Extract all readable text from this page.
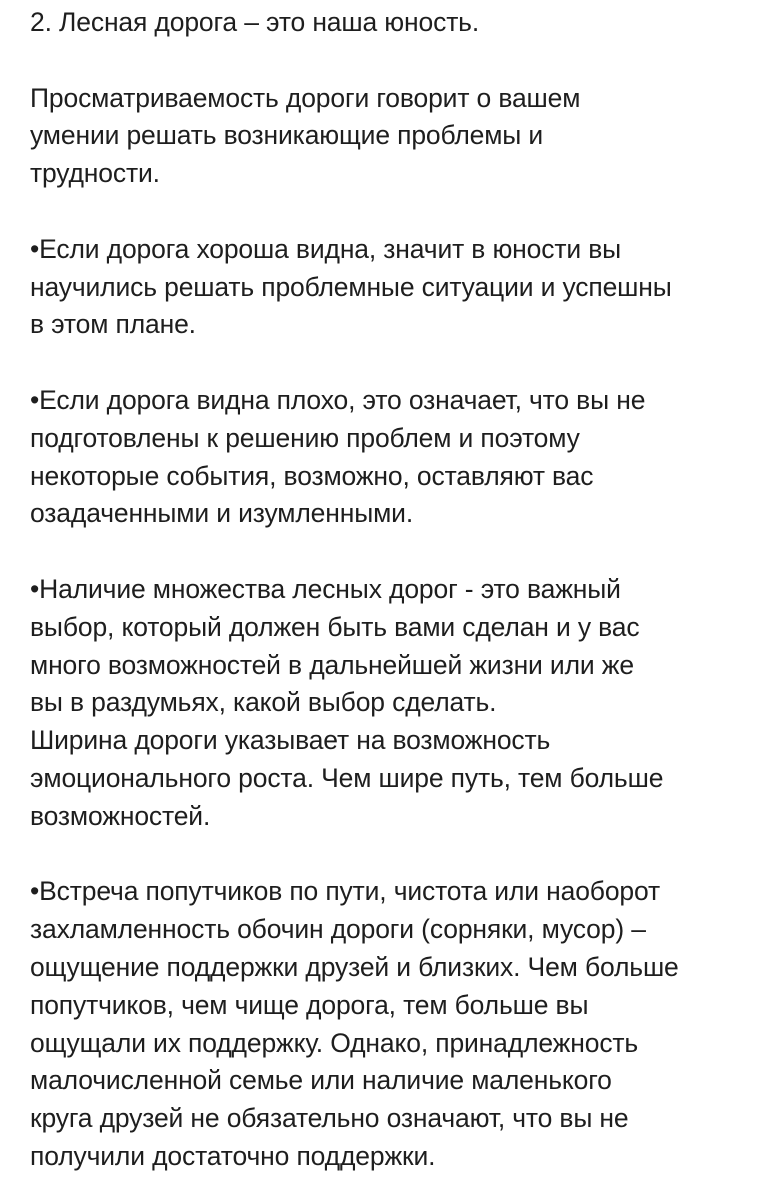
2. Лесная дорога – это наша юность.
Просматриваемость дороги говорит о вашем
умении решать возникающие проблемы и
трудности.
•Если дорога хороша видна, значит в юности вы
научились решать проблемные ситуации и успешны
в этом плане.
•Если дорога видна плохо, это означает, что вы не
подготовлены к решению проблем и поэтому
некоторые события, возможно, оставляют вас
озадаченными и изумленными.
•Наличие множества лесных дорог - это важный
выбор, который должен быть вами сделан и у вас
много возможностей в дальнейшей жизни или же
вы в раздумьях, какой выбор сделать.
Ширина дороги указывает на возможность
эмоционального роста. Чем шире путь, тем больше
возможностей.
•Встреча попутчиков по пути, чистота или наоборот
захламленность обочин дороги (сорняки, мусор) –
ощущение поддержки друзей и близких. Чем больше
попутчиков, чем чище дорога, тем больше вы
ощущали их поддержку. Однако, принадлежность
малочисленной семье или наличие маленького
круга друзей не обязательно означают, что вы не
получили достаточно поддержки.
